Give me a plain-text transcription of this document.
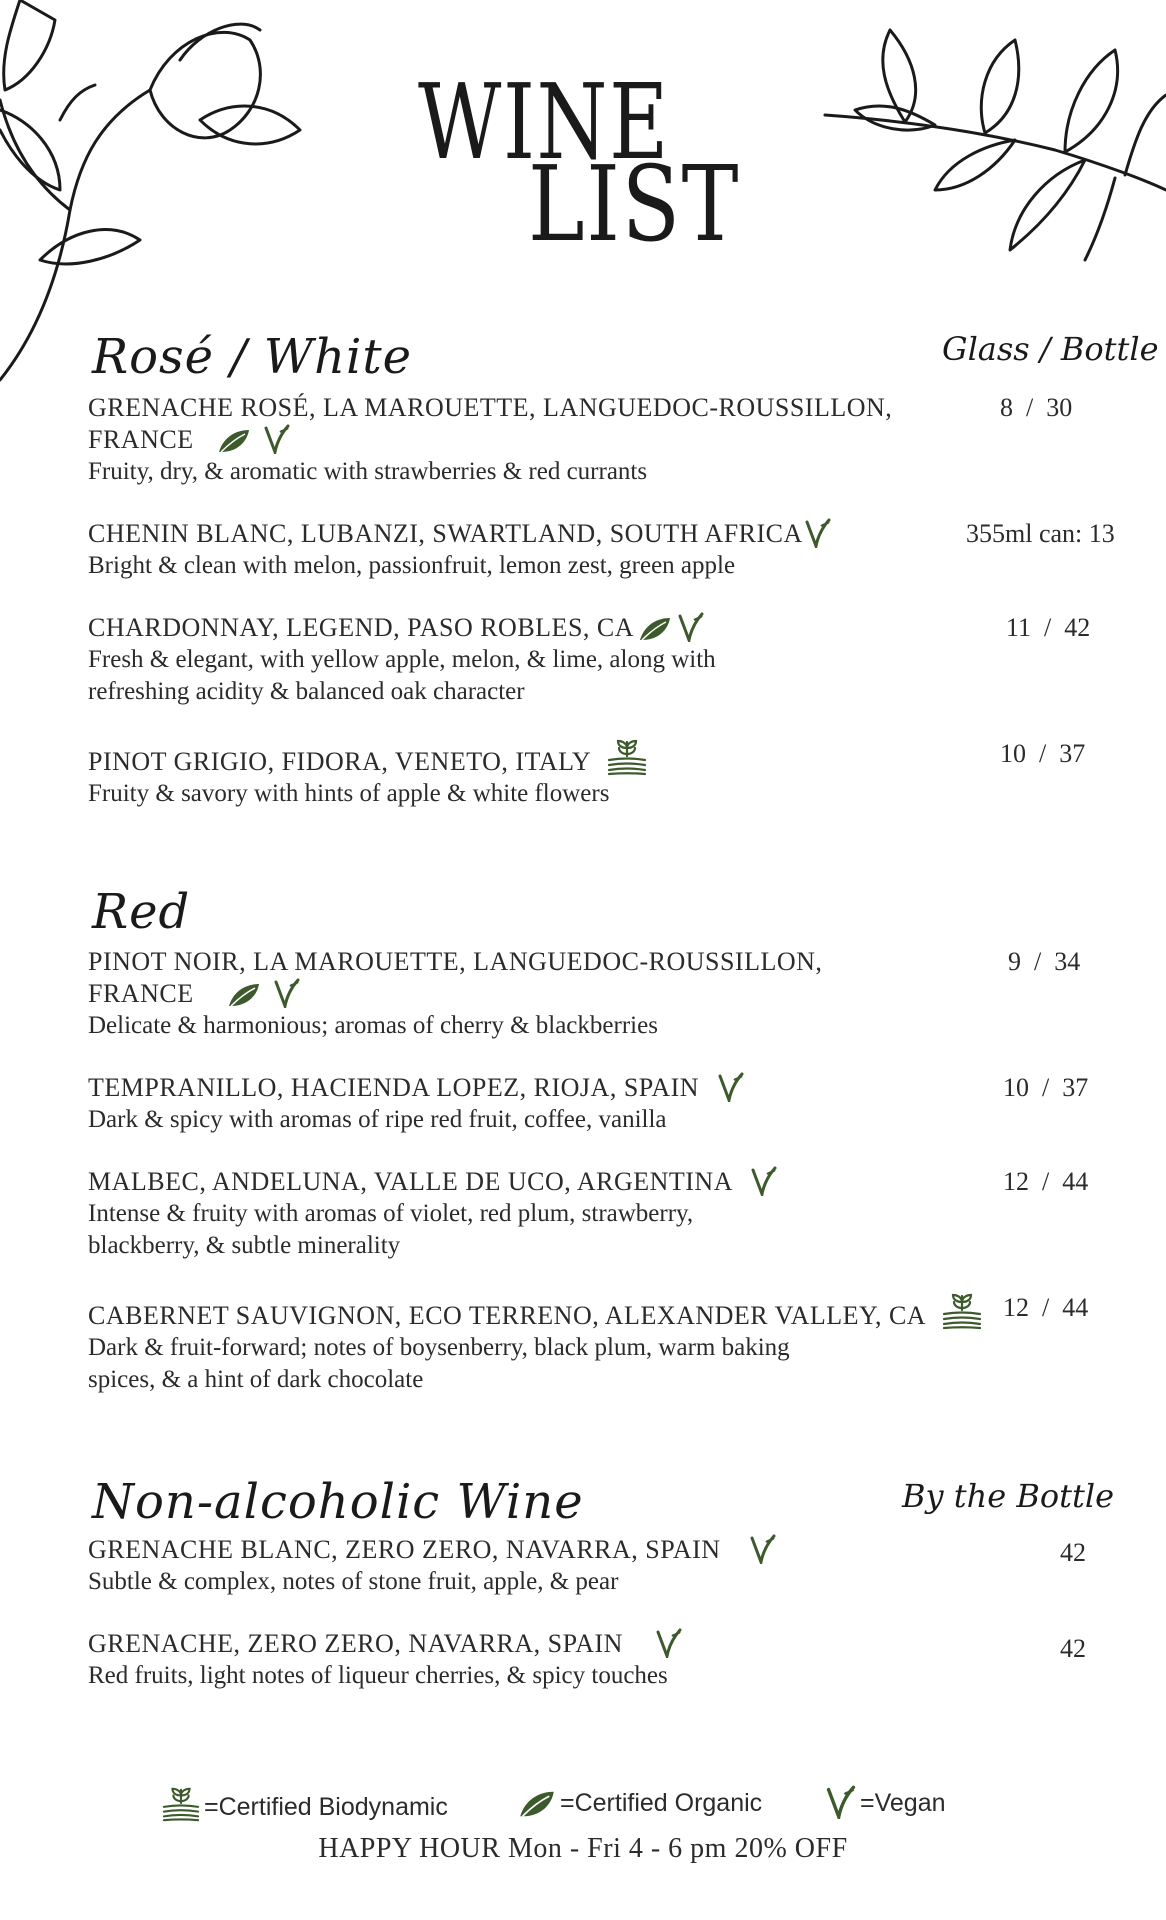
WINE
LIST
Rosé / White	Glass / Bottle
GRENACHE ROSÉ, LA MAROUETTE, LANGUEDOC-ROUSSILLON,
FRANCE

Fruity, dry, & aromatic with strawberries & red currants
8  /  30
CHENIN BLANC, LUBANZI, SWARTLAND, SOUTH AFRICA
Bright & clean with melon, passionfruit, lemon zest, green apple
355ml can: 13
CHARDONNAY, LEGEND, PASO ROBLES, CA
Fresh & elegant, with yellow apple, melon, & lime, along with
refreshing acidity & balanced oak character
11  /  42
PINOT GRIGIO, FIDORA, VENETO, ITALY
Fruity & savory with hints of apple & white flowers
10  /  37
Red
PINOT NOIR, LA MAROUETTE, LANGUEDOC-ROUSSILLON,
FRANCE

Delicate & harmonious; aromas of cherry & blackberries
9  /  34
TEMPRANILLO, HACIENDA LOPEZ, RIOJA, SPAIN
Dark & spicy with aromas of ripe red fruit, coffee, vanilla
10  /  37
MALBEC, ANDELUNA, VALLE DE UCO, ARGENTINA
Intense & fruity with aromas of violet, red plum, strawberry,
blackberry, & subtle minerality
12  /  44
CABERNET SAUVIGNON, ECO TERRENO, ALEXANDER VALLEY, CA
Dark & fruit-forward; notes of boysenberry, black plum, warm baking
spices, & a hint of dark chocolate
12  /  44
Non-alcoholic Wine	By the Bottle
GRENACHE BLANC, ZERO ZERO, NAVARRA, SPAIN
Subtle & complex, notes of stone fruit, apple, & pear
42
GRENACHE, ZERO ZERO, NAVARRA, SPAIN
Red fruits, light notes of liqueur cherries, & spicy touches
42
=Certified Biodynamic	=Certified Organic	=Vegan
HAPPY HOUR Mon - Fri 4 - 6 pm 20% OFF
